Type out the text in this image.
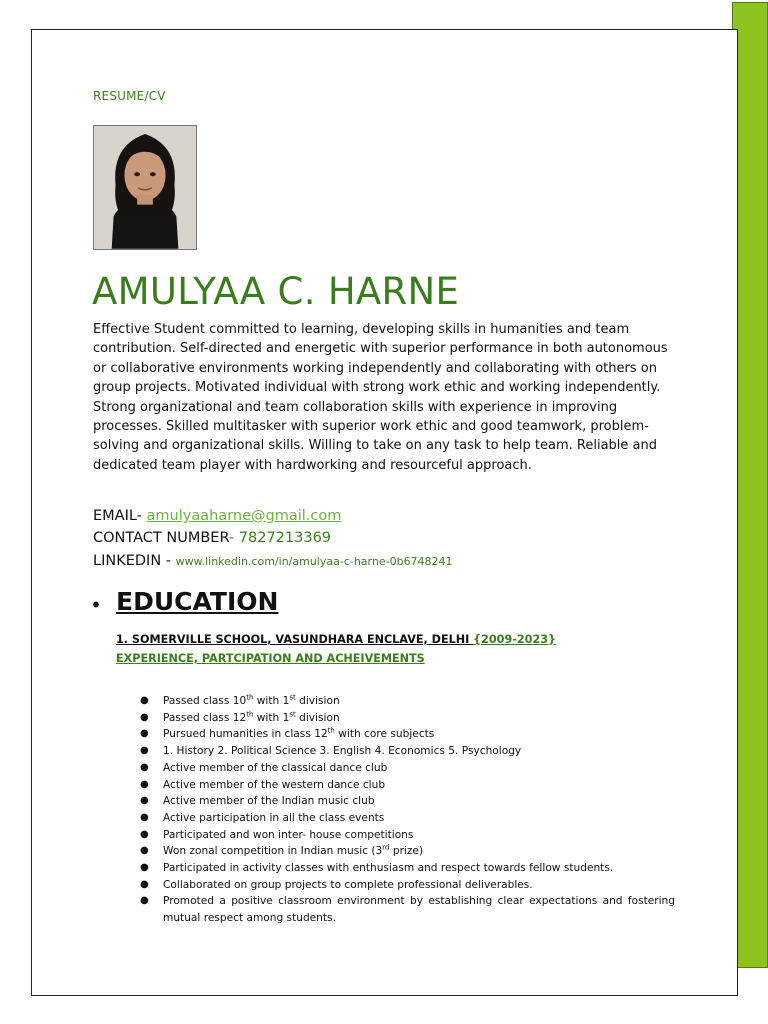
RESUME/CV
AMULYAA C. HARNE
Effective Student committed to learning, developing skills in humanities and team contribution. Self-directed and energetic with superior performance in both autonomous or collaborative environments working independently and collaborating with others on group projects. Motivated individual with strong work ethic and working independently. Strong organizational and team collaboration skills with experience in improving processes. Skilled multitasker with superior work ethic and good teamwork, problem-solving and organizational skills. Willing to take on any task to help team. Reliable and dedicated team player with hardworking and resourceful approach.
EMAIL- amulyaaharne@gmail.com
CONTACT NUMBER- 7827213369
LINKEDIN - www.linkedin.com/in/amulyaa-c-harne-0b6748241
• EDUCATION
1. SOMERVILLE SCHOOL, VASUNDHARA ENCLAVE, DELHI {2009-2023}
EXPERIENCE, PARTCIPATION AND ACHEIVEMENTS
● Passed class 10th with 1st division
● Passed class 12th with 1st division
● Pursued humanities in class 12th with core subjects
● 1. History 2. Political Science 3. English 4. Economics 5. Psychology
● Active member of the classical dance club
● Active member of the western dance club
● Active member of the Indian music club
● Active participation in all the class events
● Participated and won inter- house competitions
● Won zonal competition in Indian music (3rd prize)
● Participated in activity classes with enthusiasm and respect towards fellow students.
● Collaborated on group projects to complete professional deliverables.
● Promoted a positive classroom environment by establishing clear expectations and fostering mutual respect among students.
